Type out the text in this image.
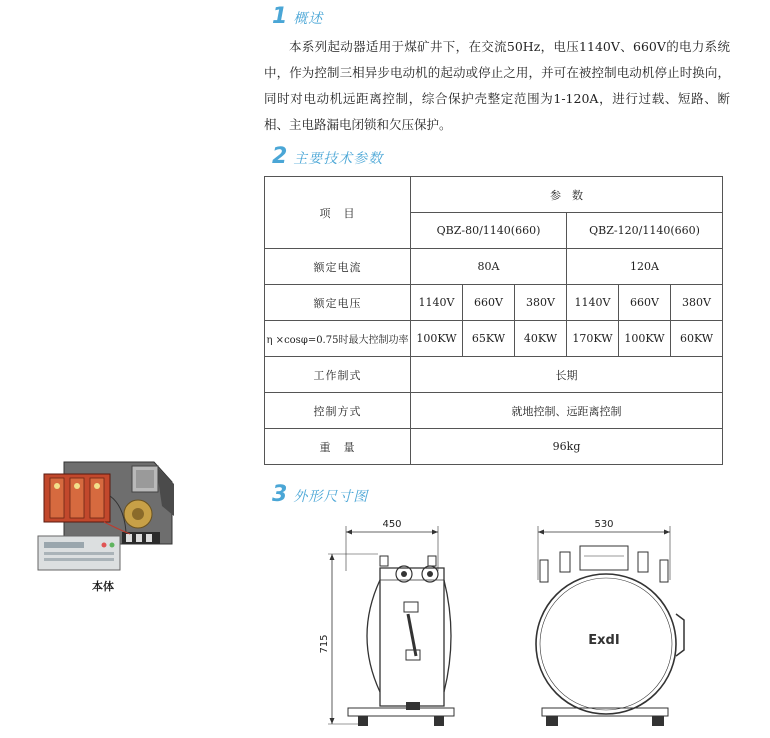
1 概述

本系列起动器适用于煤矿井下，在交流50Hz，电压1140V、660V的电力系统中，作为控制三相异步电动机的起动或停止之用，并可在被控制电动机停止时换向，同时对电动机远距离控制，综合保护壳整定范围为1-120A，进行过载、短路、断相、主电路漏电闭锁和欠压保护。

2 主要技术参数
项　目	参　数					
	QBZ-80/1140(660)			QBZ-120/1140(660)		
额定电流	80A			120A		
额定电压	1140V	660V	380V	1140V	660V	380V
η ×cosφ=0.75时最大控制功率	100KW	65KW	40KW	170KW	100KW	60KW
工作制式	长期					
控制方式	就地控制、远距离控制					
重　量	96kg					
3 外形尺寸图
本体
450
715
530
ExdI
